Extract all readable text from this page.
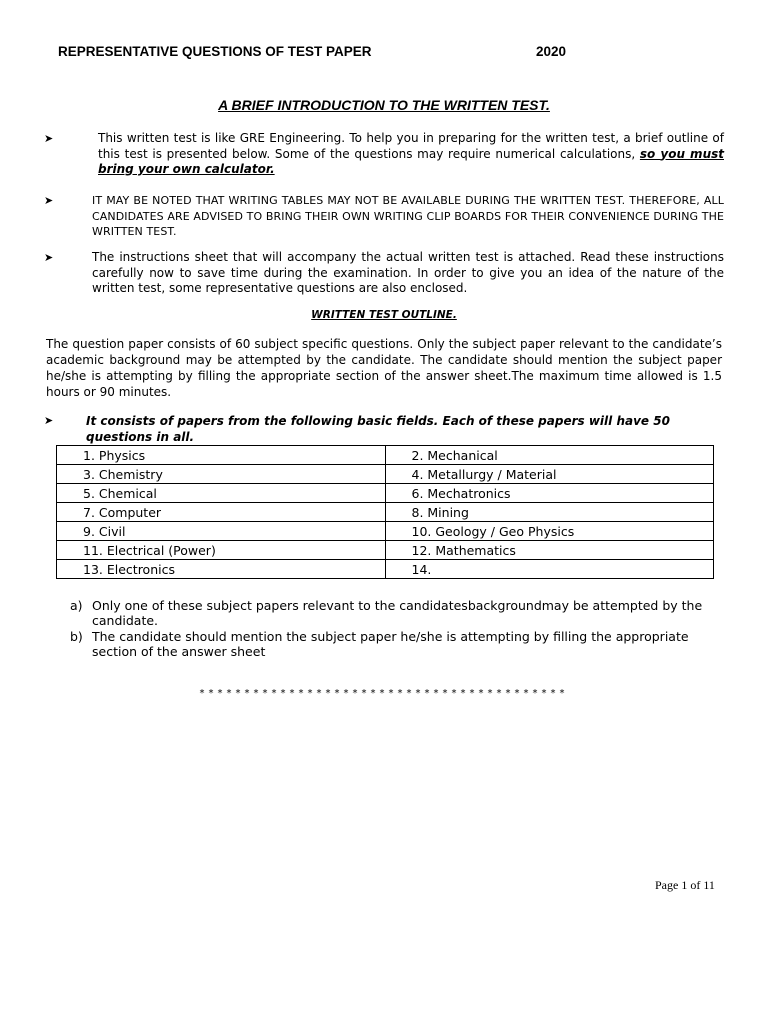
REPRESENTATIVE QUESTIONS OF TEST PAPER	2020
A BRIEF INTRODUCTION TO THE WRITTEN TEST.
➤	This written test is like GRE Engineering. To help you in preparing for the written test, a brief outline of this test is presented below. Some of the questions may require numerical calculations, so you must bring your own calculator.
➤	IT MAY BE NOTED THAT WRITING TABLES MAY NOT BE AVAILABLE DURING THE WRITTEN TEST. THEREFORE, ALL CANDIDATES ARE ADVISED TO BRING THEIR OWN WRITING CLIP BOARDS FOR THEIR CONVENIENCE DURING THE WRITTEN TEST.
➤	The instructions sheet that will accompany the actual written test is attached. Read these instructions carefully now to save time during the examination. In order to give you an idea of the nature of the written test, some representative questions are also enclosed.
WRITTEN TEST OUTLINE.
The question paper consists of 60 subject specific questions. Only the subject paper relevant to the candidate’s academic background may be attempted by the candidate. The candidate should mention the subject paper he/she is attempting by filling the appropriate section of the answer sheet.The maximum time allowed is 1.5 hours or 90 minutes.
➤	It consists of papers from the following basic fields. Each of these papers will have 50 questions in all.
1. Physics	2. Mechanical
3. Chemistry	4. Metallurgy / Material
5. Chemical	6. Mechatronics
7. Computer	8. Mining
9. Civil	10. Geology / Geo Physics
11. Electrical (Power)	12. Mathematics
13. Electronics	14.
a) Only one of these subject papers relevant to the candidatesbackgroundmay be attempted by the candidate.
b) The candidate should mention the subject paper he/she is attempting by filling the appropriate section of the answer sheet
*****************************************
Page 1 of 11
